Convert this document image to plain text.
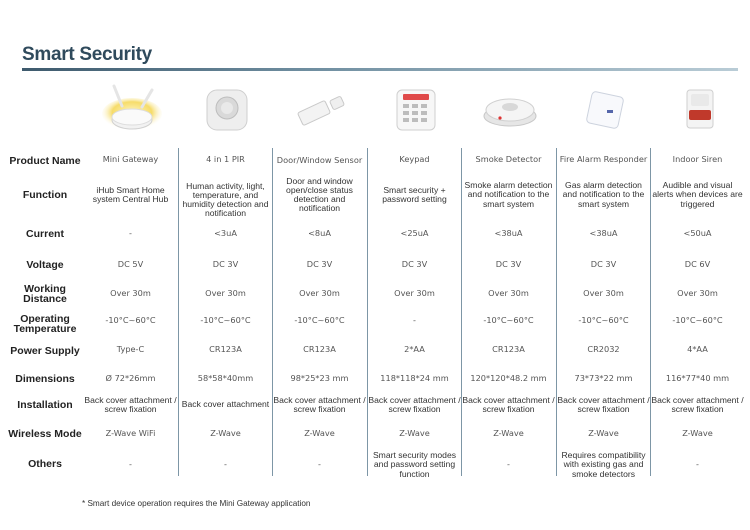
Smart Security
Product Name
Function
Current
Voltage
Working Distance
Operating Temperature
Power Supply
Dimensions
Installation
Wireless Mode
Others
Mini Gateway
iHub Smart Home system Central Hub
-
DC 5V
Over 30m
-10°C~60°C
Type-C
Ø 72*26mm
Back cover attachment / screw fixation
Z-Wave WiFi
-
4 in 1 PIR
Human activity, light, temperature, and humidity detection and notification
<3uA
DC 3V
Over 30m
-10°C~60°C
CR123A
58*58*40mm
Back cover attachment
Z-Wave
-
Door/Window Sensor
Door and window open/close status detection and notification
<8uA
DC 3V
Over 30m
-10°C~60°C
CR123A
98*25*23 mm
Back cover attachment / screw fixation
Z-Wave
-
Keypad
Smart security + password setting
<25uA
DC 3V
Over 30m
-
2*AA
118*118*24 mm
Back cover attachment / screw fixation
Z-Wave
Smart security modes and password setting function
Smoke Detector
Smoke alarm detection and notification to the smart system
<38uA
DC 3V
Over 30m
-10°C~60°C
CR123A
120*120*48.2 mm
Back cover attachment / screw fixation
Z-Wave
-
Fire Alarm Responder
Gas alarm detection and notification to the smart system
<38uA
DC 3V
Over 30m
-10°C~60°C
CR2032
73*73*22 mm
Back cover attachment / screw fixation
Z-Wave
Requires compatibility with existing gas and smoke detectors
Indoor Siren
Audible and visual alerts when devices are triggered
<50uA
DC 6V
Over 30m
-10°C~60°C
4*AA
116*77*40 mm
Back cover attachment / screw fixation
Z-Wave
-
* Smart device operation requires the Mini Gateway application
